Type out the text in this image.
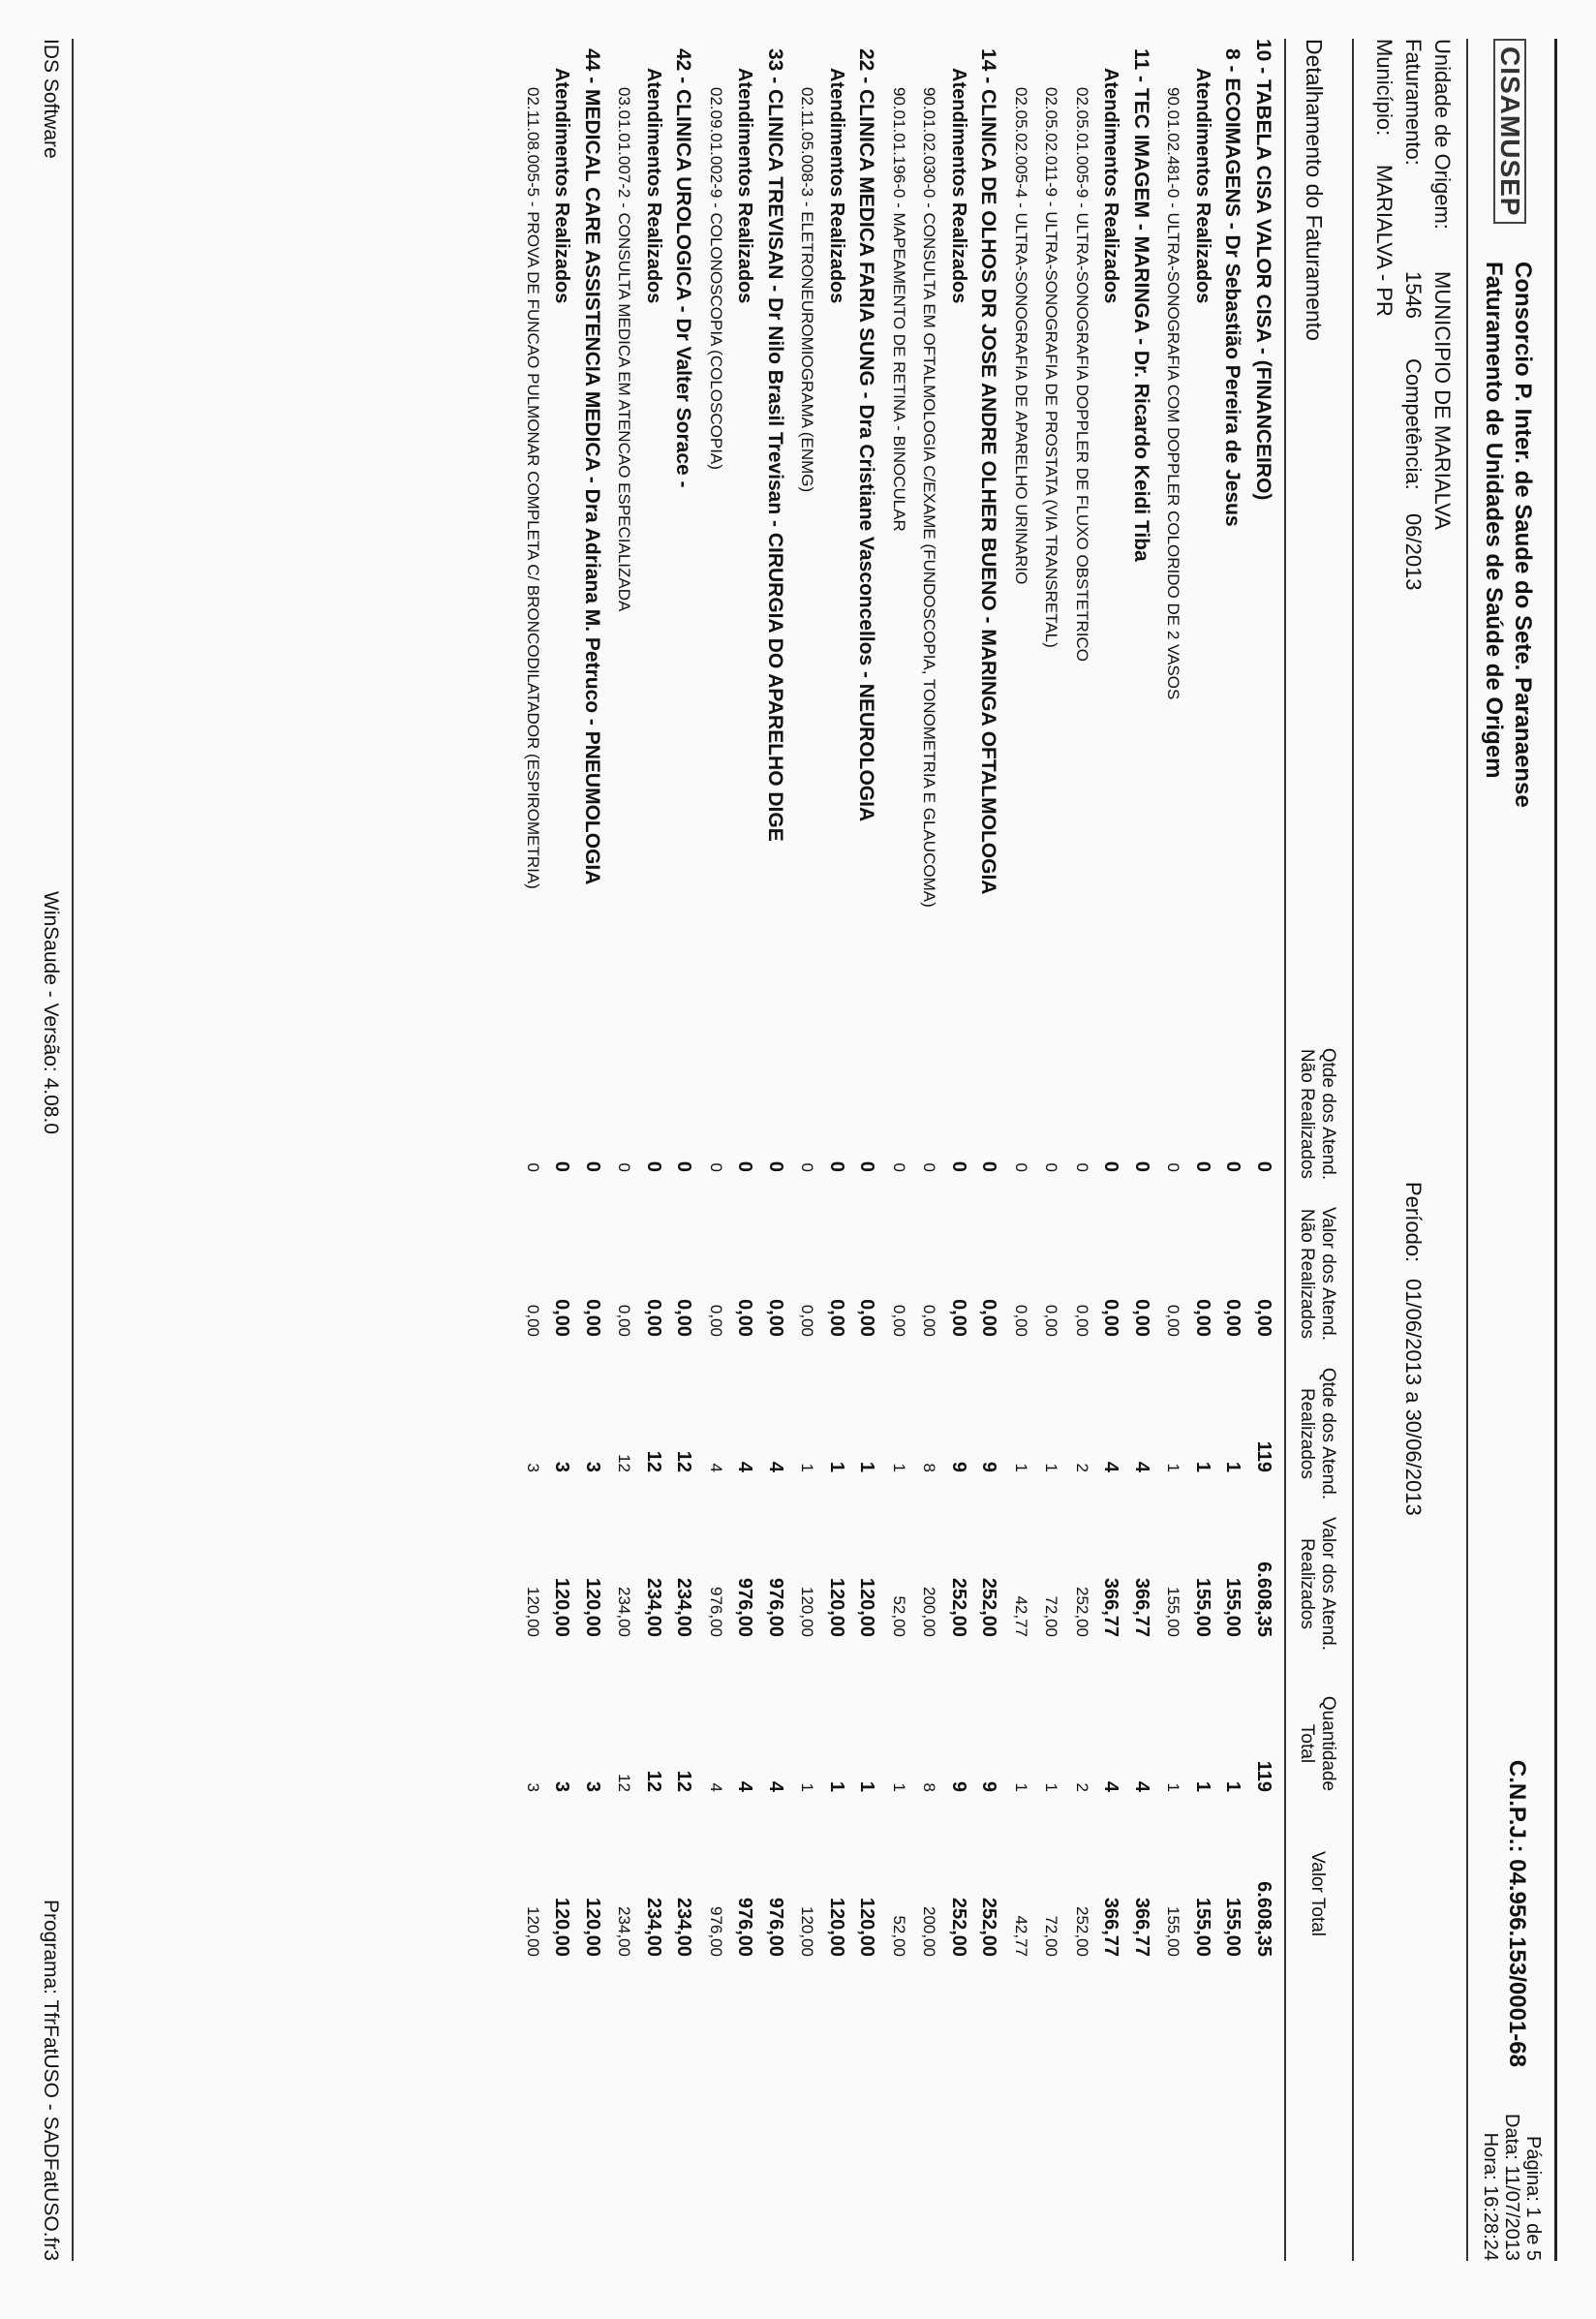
CISAMUSEP
Consorcio P. Inter. de Saude do Sete. Paranaense
Faturamento de Unidades de Saúde de Origem
C.N.P.J.: 04.956.153/0001-68
Página: 1 de 5
Data: 11/07/2013
Hora: 16:28:24
Unidade de Origem:
MUNICIPIO DE MARIALVA
Faturamento:
1546
Competência:
06/2013
Período:
01/06/2013 a 30/06/2013
Município:
MARIALVA - PR
Detalhamento do Faturamento
Qtde dos Atend.
Não Realizados
Valor dos Atend.
Não Realizados
Qtde dos Atend.
Realizados
Valor dos Atend.
Realizados
Quantidade
Total
Valor Total
10 - TABELA CISA VALOR CISA - (FINANCEIRO)
0
0,00
119
6.608,35
119
6.608,35
8 - ECOIMAGENS - Dr Sebastião Pereira de Jesus
0
0,00
1
155,00
1
155,00
Atendimentos Realizados
0
0,00
1
155,00
1
155,00
90.01.02.481-0 - ULTRA-SONOGRAFIA COM DOPPLER COLORIDO DE 2 VASOS
0
0,00
1
155,00
1
155,00
11 - TEC IMAGEM - MARINGA - Dr. Ricardo Keidi Tiba
0
0,00
4
366,77
4
366,77
Atendimentos Realizados
0
0,00
4
366,77
4
366,77
02.05.01.005-9 - ULTRA-SONOGRAFIA DOPPLER DE FLUXO OBSTETRICO
0
0,00
2
252,00
2
252,00
02.05.02.011-9 - ULTRA-SONOGRAFIA DE PROSTATA (VIA TRANSRETAL)
0
0,00
1
72,00
1
72,00
02.05.02.005-4 - ULTRA-SONOGRAFIA DE APARELHO URINARIO
0
0,00
1
42,77
1
42,77
14 - CLINICA DE OLHOS DR JOSE ANDRE OLHER BUENO - MARINGA OFTALMOLOGIA
0
0,00
9
252,00
9
252,00
Atendimentos Realizados
0
0,00
9
252,00
9
252,00
90.01.02.030-0 - CONSULTA EM OFTALMOLOGIA C/EXAME (FUNDOSCOPIA, TONOMETRIA E GLAUCOMA)
0
0,00
8
200,00
8
200,00
90.01.01.196-0 - MAPEAMENTO DE RETINA - BINOCULAR
0
0,00
1
52,00
1
52,00
22 - CLINICA MEDICA FARIA SUNG - Dra Cristiane Vasconcellos - NEUROLOGIA
0
0,00
1
120,00
1
120,00
Atendimentos Realizados
0
0,00
1
120,00
1
120,00
02.11.05.008-3 - ELETRONEUROMIOGRAMA (ENMG)
0
0,00
1
120,00
1
120,00
33 - CLINICA TREVISAN - Dr Nilo Brasil Trevisan - CIRURGIA DO APARELHO DIGE
0
0,00
4
976,00
4
976,00
Atendimentos Realizados
0
0,00
4
976,00
4
976,00
02.09.01.002-9 - COLONOSCOPIA (COLOSCOPIA)
0
0,00
4
976,00
4
976,00
42 - CLINICA UROLOGICA - Dr Valter Sorace -
0
0,00
12
234,00
12
234,00
Atendimentos Realizados
0
0,00
12
234,00
12
234,00
03.01.01.007-2 - CONSULTA MEDICA EM ATENCAO ESPECIALIZADA
0
0,00
12
234,00
12
234,00
44 - MEDICAL CARE ASSISTENCIA MEDICA - Dra Adriana M. Petruco - PNEUMOLOGIA
0
0,00
3
120,00
3
120,00
Atendimentos Realizados
0
0,00
3
120,00
3
120,00
02.11.08.005-5 - PROVA DE FUNCAO PULMONAR COMPLETA C/ BRONCODILATADOR (ESPIROMETRIA)
0
0,00
3
120,00
3
120,00
IDS Software
WinSaude - Versão: 4.08.0
Programa: TfrFatUSO - SADFatUSO.fr3
